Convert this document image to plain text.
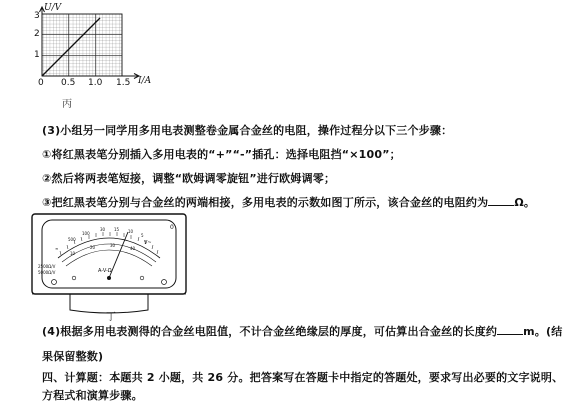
U/V
3
2
1
0 0.5 1.0 1.5 I/A
丙
(3)小组另一同学用多用电表测整卷金属合金丝的电阻，操作过程分以下三个步骤：
①将红黑表笔分别插入多用电表的“+”“-”插孔：选择电阻挡“×100”；
②然后将两表笔短接，调整“欧姆调零旋钮”进行欧姆调零；
③把红黑表笔分别与合金丝的两端相接，多用电表的示数如图丁所示，该合金丝的电阻约为 Ω。
∞
500
100
30 15 10
5
10
20	30
40
0
V~
A-V-Ω
2500Ω/V
5000Ω/V
丁
(4)根据多用电表测得的合金丝电阻值，不计合金丝绝缘层的厚度，可估算出合金丝的长度约 m。(结
果保留整数)
四、计算题：本题共 2 小题，共 26 分。把答案写在答题卡中指定的答题处，要求写出必要的文字说明、
方程式和演算步骤。
